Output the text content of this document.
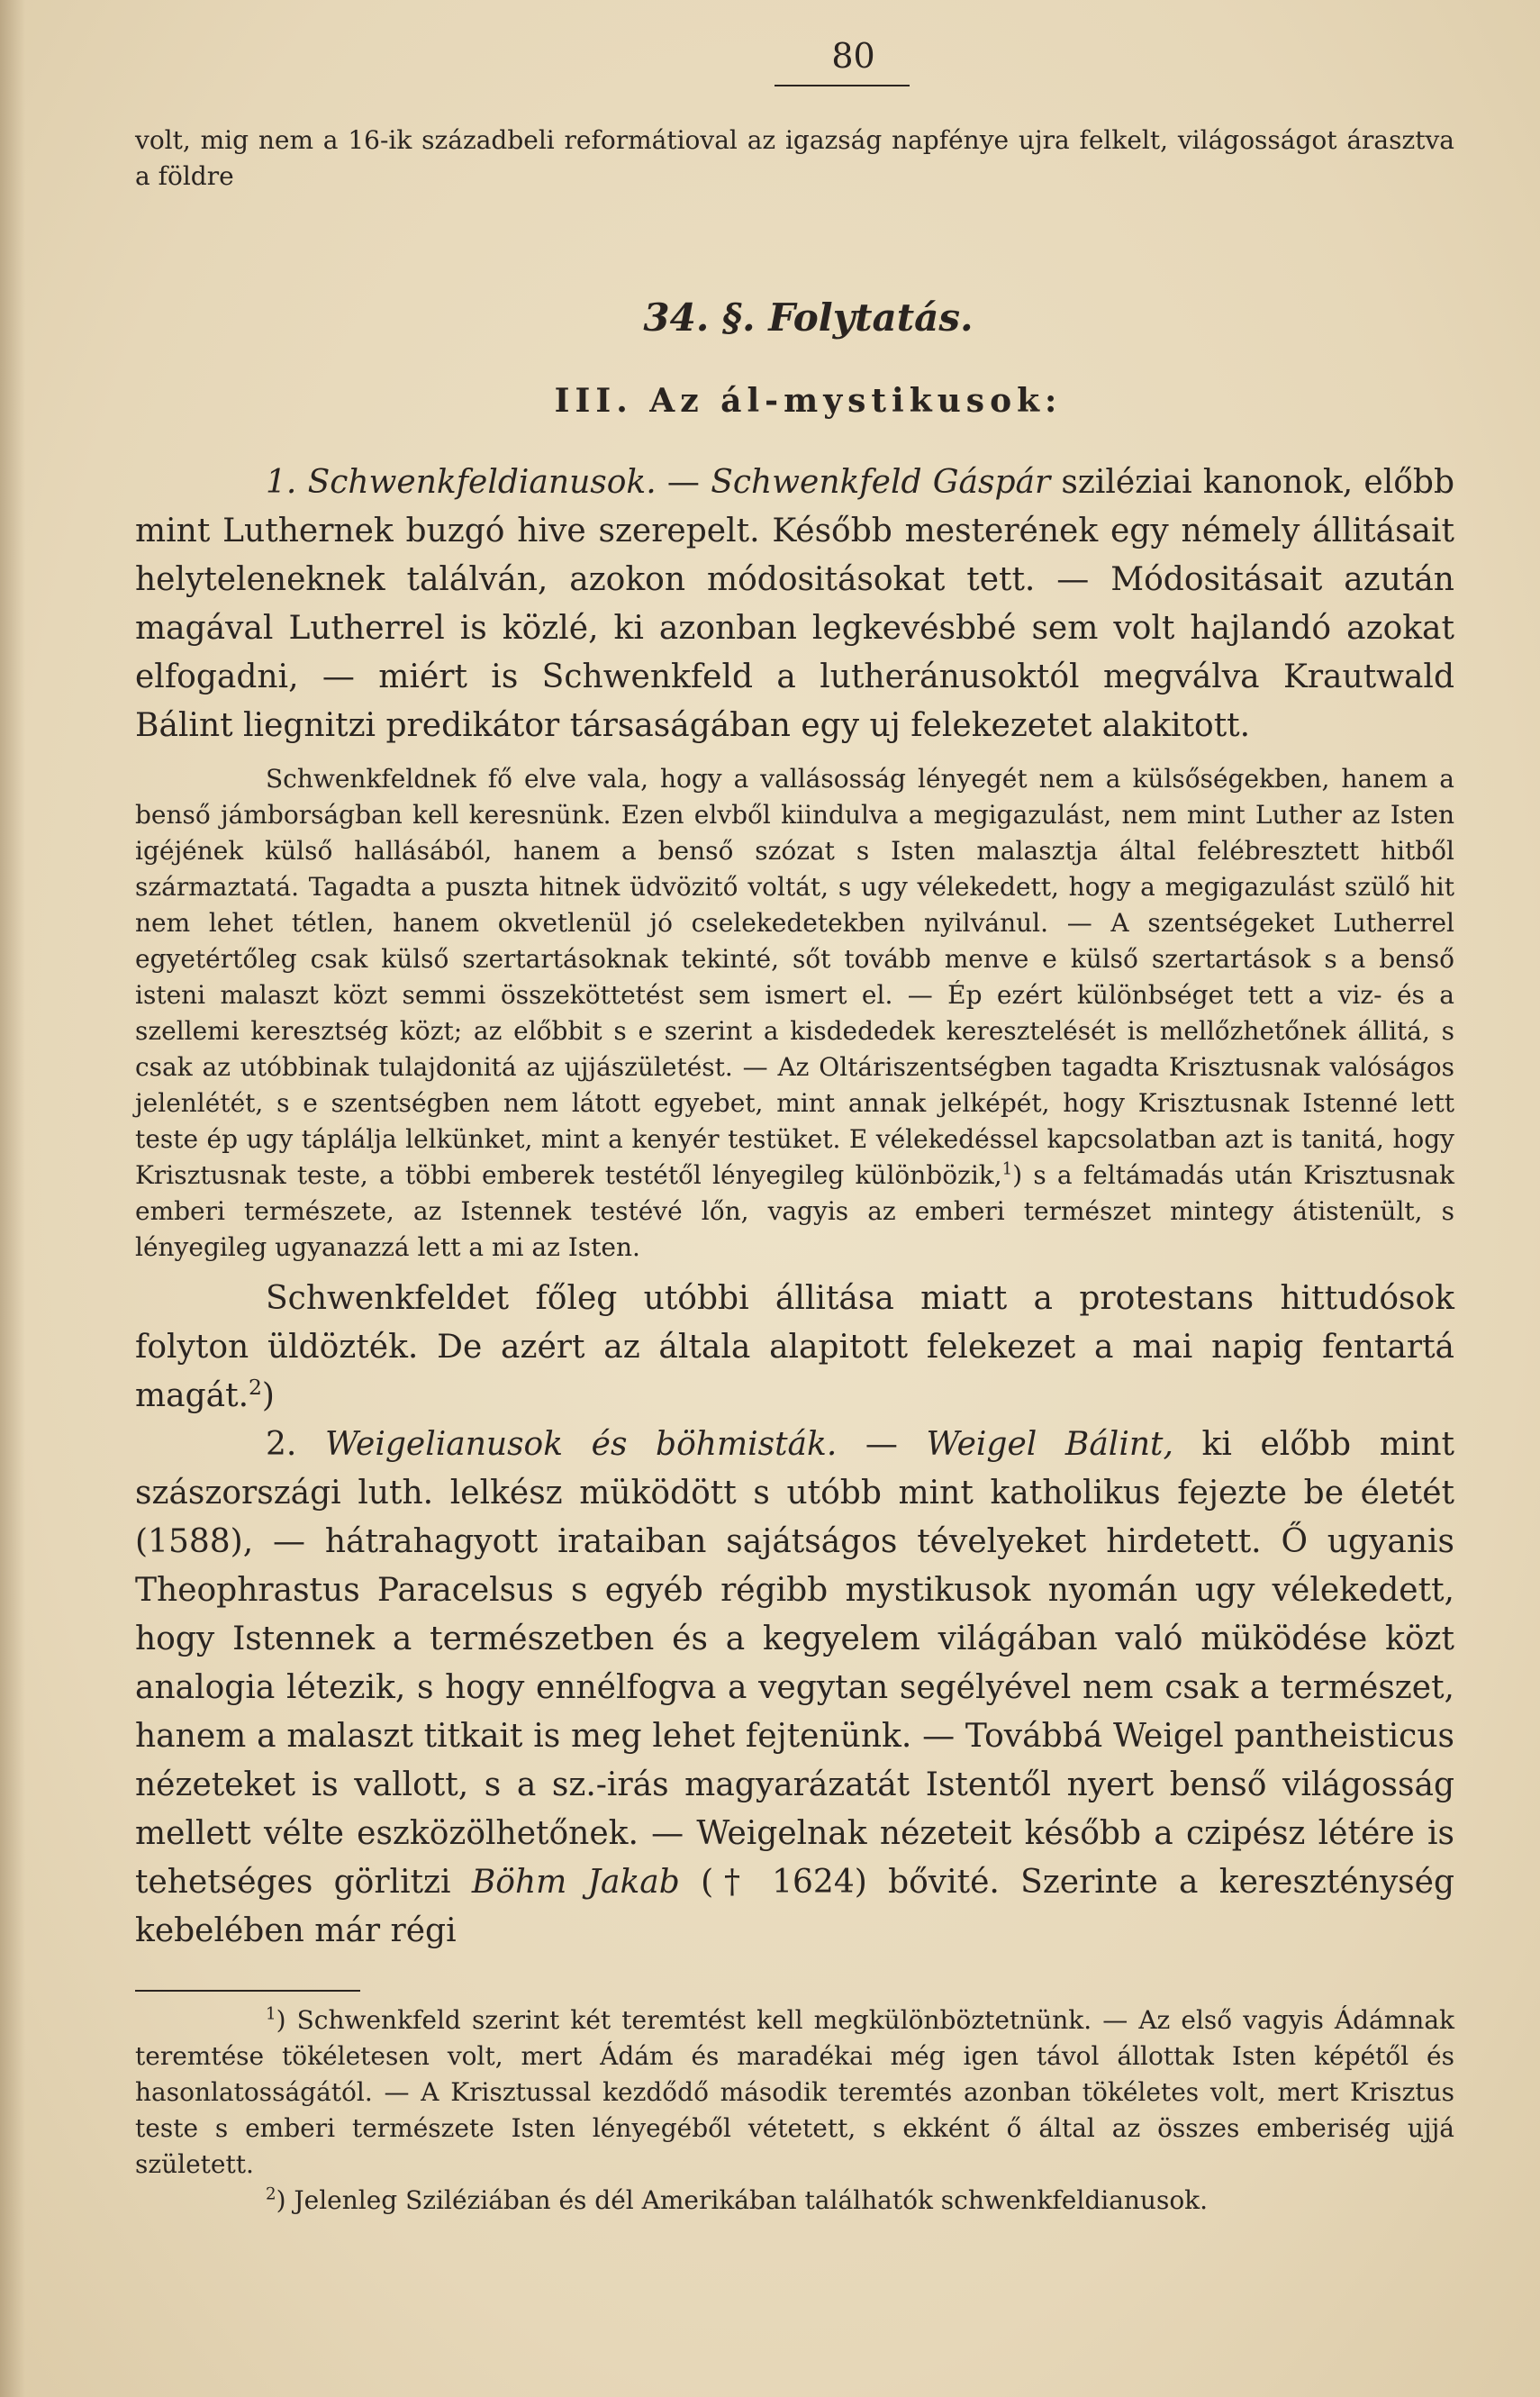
80

volt, mig nem a 16-ik századbeli reformátioval az igazság napfénye ujra felkelt, világosságot árasztva a földre

34. §. Folytatás.
III. Az ál-mystikusok:

1. Schwenkfeldianusok. — Schwenkfeld Gáspár sziléziai kanonok, előbb mint Luthernek buzgó hive szerepelt. Később mesterének egy némely állitásait helyteleneknek találván, azokon módositásokat tett. — Módositásait azután magával Lutherrel is közlé, ki azonban legkevésbbé sem volt hajlandó azokat elfogadni, — miért is Schwenkfeld a lutheránusoktól megválva Krautwald Bálint liegnitzi predikátor társaságában egy uj felekezetet alakitott.

Schwenkfeldnek fő elve vala, hogy a vallásosság lényegét nem a külsőségekben, hanem a benső jámborságban kell keresnünk. Ezen elvből kiindulva a megigazulást, nem mint Luther az Isten igéjének külső hallásából, hanem a benső szózat s Isten malasztja által felébresztett hitből származtatá. Tagadta a puszta hitnek üdvözitő voltát, s ugy vélekedett, hogy a megigazulást szülő hit nem lehet tétlen, hanem okvetlenül jó cselekedetekben nyilvánul. — A szentségeket Lutherrel egyetértőleg csak külső szertartásoknak tekinté, sőt tovább menve e külső szertartások s a benső isteni malaszt közt semmi összeköttetést sem ismert el. — Ép ezért különbséget tett a viz- és a szellemi keresztség közt; az előbbit s e szerint a kisdededek keresztelését is mellőzhetőnek állitá, s csak az utóbbinak tulajdonitá az ujjászületést. — Az Oltáriszentségben tagadta Krisztusnak valóságos jelenlétét, s e szentségben nem látott egyebet, mint annak jelképét, hogy Krisztusnak Istenné lett teste ép ugy táplálja lelkünket, mint a kenyér testüket. E vélekedéssel kapcsolatban azt is tanitá, hogy Krisztusnak teste, a többi emberek testétől lényegileg különbözik,$^1$) s a feltámadás után Krisztusnak emberi természete, az Istennek testévé lőn, vagyis az emberi természet mintegy átistenült, s lényegileg ugyanazzá lett a mi az Isten.

Schwenkfeldet főleg utóbbi állitása miatt a protestans hittudósok folyton üldözték. De azért az általa alapitott felekezet a mai napig fentartá magát.$^2$)

2. Weigelianusok és böhmisták. — Weigel Bálint, ki előbb mint szászországi luth. lelkész müködött s utóbb mint katholikus fejezte be életét (1588), — hátrahagyott irataiban sajátságos tévelyeket hirdetett. Ő ugyanis Theophrastus Paracelsus s egyéb régibb mystikusok nyomán ugy vélekedett, hogy Istennek a természetben és a kegyelem világában való müködése közt analogia létezik, s hogy ennélfogva a vegytan segélyével nem csak a természet, hanem a malaszt titkait is meg lehet fejtenünk. — Továbbá Weigel pantheisticus nézeteket is vallott, s a sz.-irás magyarázatát Istentől nyert benső világosság mellett vélte eszközölhetőnek. — Weigelnak nézeteit később a czipész létére is tehetséges görlitzi Böhm Jakab († 1624) bővité. Szerinte a kereszténység kebelében már régi

$^1$) Schwenkfeld szerint két teremtést kell megkülönböztetnünk. — Az első vagyis Ádámnak teremtése tökéletesen volt, mert Ádám és maradékai még igen távol állottak Isten képétől és hasonlatosságától. — A Krisztussal kezdődő második teremtés azonban tökéletes volt, mert Krisztus teste s emberi természete Isten lényegéből vétetett, s ekként ő által az összes emberiség ujjá született.

$^2$) Jelenleg Sziléziában és dél Amerikában találhatók schwenkfeldianusok.
